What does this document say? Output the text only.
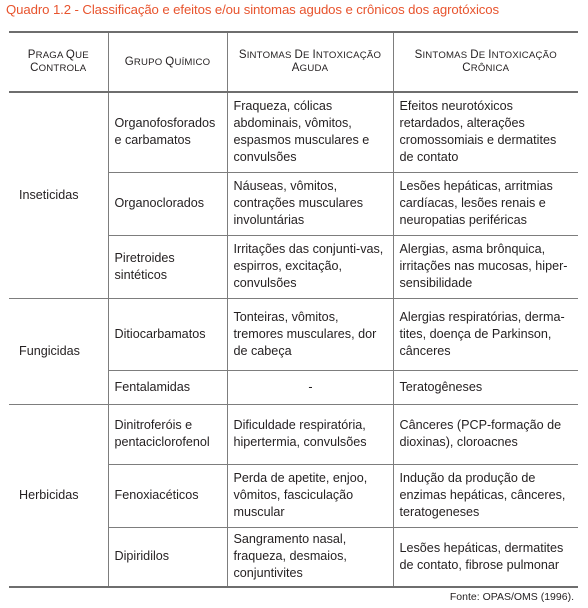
Quadro 1.2 - Classificação e efeitos e/ou sintomas agudos e crônicos dos agrotóxicos
PRAGA QUE CONTROLA	GRUPO QUÍMICO	SINTOMAS DE INTOXICAÇÃO AGUDA	SINTOMAS DE INTOXICAÇÃO CRÔNICA
Inseticidas	Organofosforados e carbamatos	Fraqueza, cólicas abdominais, vômitos, espasmos musculares e convulsões	Efeitos neurotóxicos retardados, alterações cromossomiais e dermatites de contato
	Organoclorados	Náuseas, vômitos, contrações musculares involuntárias	Lesões hepáticas, arritmias cardíacas, lesões renais e neuropatias periféricas
	Piretroides sintéticos	Irritações das conjunti-vas, espirros, excitação, convulsões	Alergias, asma brônquica, irritações nas mucosas, hiper-sensibilidade
Fungicidas	Ditiocarbamatos	Tonteiras, vômitos, tremores musculares, dor de cabeça	Alergias respiratórias, derma-tites, doença de Parkinson, cânceres
	Fentalamidas	-	Teratogêneses
Herbicidas	Dinitroferóis e pentaciclorofenol	Dificuldade respiratória, hipertermia, convulsões	Cânceres (PCP-formação de dioxinas), cloroacnes
	Fenoxiacéticos	Perda de apetite, enjoo, vômitos, fasciculação muscular	Indução da produção de enzimas hepáticas, cânceres, teratogeneses
	Dipiridilos	Sangramento nasal, fraqueza, desmaios, conjuntivites	Lesões hepáticas, dermatites de contato, fibrose pulmonar
Fonte: OPAS/OMS (1996).
